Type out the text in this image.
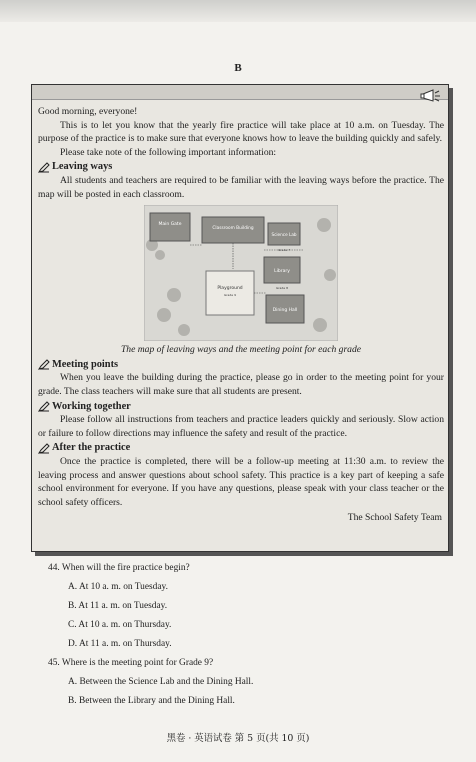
B

Good morning, everyone!

This is to let you know that the yearly fire practice will take place at 10 a.m. on Tuesday. The purpose of the practice is to make sure that everyone knows how to leave the building quickly and safely.

Please take note of the following important information:

Leaving ways

All students and teachers are required to be familiar with the leaving ways before the practice. The map will be posted in each classroom.

Main Gate
Classroom Building
Science Lab
Grade 7
Library
Grade 8
Dining Hall
Playground
Grade 9

The map of leaving ways and the meeting point for each grade

Meeting points

When you leave the building during the practice, please go in order to the meeting point for your grade. The class teachers will make sure that all students are present.

Working together

Please follow all instructions from teachers and practice leaders quickly and seriously. Slow action or failure to follow directions may influence the safety and result of the practice.

After the practice

Once the practice is completed, there will be a follow-up meeting at 11:30 a.m. to review the leaving process and answer questions about school safety. This practice is a key part of keeping a safe school environment for everyone. If you have any questions, please speak with your class teacher or the school safety officers.

The School Safety Team

44. When will the fire practice begin?
A. At 10 a. m. on Tuesday.
B. At 11 a. m. on Tuesday.
C. At 10 a. m. on Thursday.
D. At 11 a. m. on Thursday.
45. Where is the meeting point for Grade 9?
A. Between the Science Lab and the Dining Hall.
B. Between the Library and the Dining Hall.
黑卷 · 英语试卷 第 5 页(共 10 页)
